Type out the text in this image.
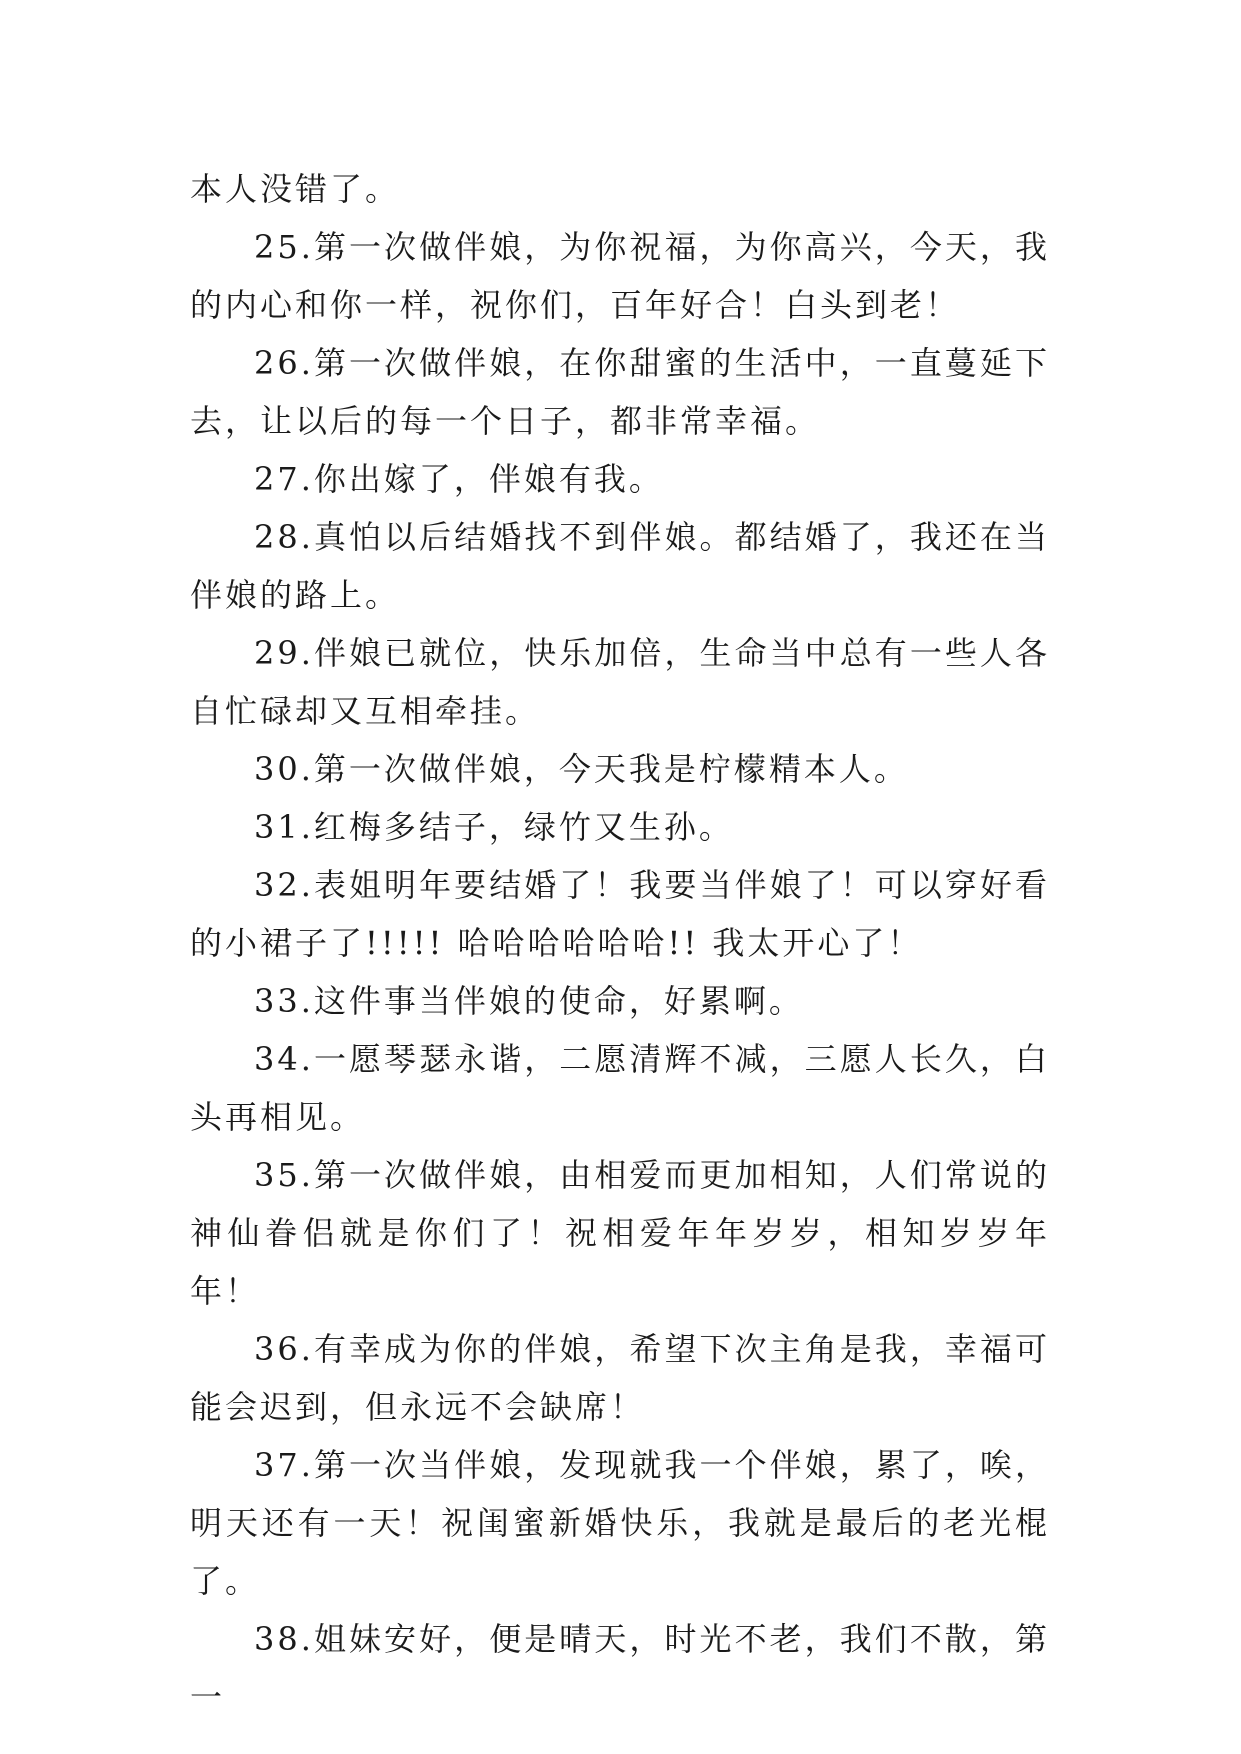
本人没错了。

25.第一次做伴娘，为你祝福，为你高兴，今天，我的内心和你一样，祝你们，百年好合！白头到老！

26.第一次做伴娘，在你甜蜜的生活中，一直蔓延下去，让以后的每一个日子，都非常幸福。

27.你出嫁了，伴娘有我。

28.真怕以后结婚找不到伴娘。都结婚了，我还在当伴娘的路上。

29.伴娘已就位，快乐加倍，生命当中总有一些人各自忙碌却又互相牵挂。

30.第一次做伴娘，今天我是柠檬精本人。

31.红梅多结子，绿竹又生孙。

32.表姐明年要结婚了！我要当伴娘了！可以穿好看的小裙子了!!!!! 哈哈哈哈哈哈!! 我太开心了！

33.这件事当伴娘的使命，好累啊。

34.一愿琴瑟永谐，二愿清辉不减，三愿人长久，白头再相见。

35.第一次做伴娘，由相爱而更加相知，人们常说的神仙眷侣就是你们了！祝相爱年年岁岁，相知岁岁年年！

36.有幸成为你的伴娘，希望下次主角是我，幸福可能会迟到，但永远不会缺席！

37.第一次当伴娘，发现就我一个伴娘，累了，唉，明天还有一天！祝闺蜜新婚快乐，我就是最后的老光棍了。

38.姐妹安好，便是晴天，时光不老，我们不散，第一
